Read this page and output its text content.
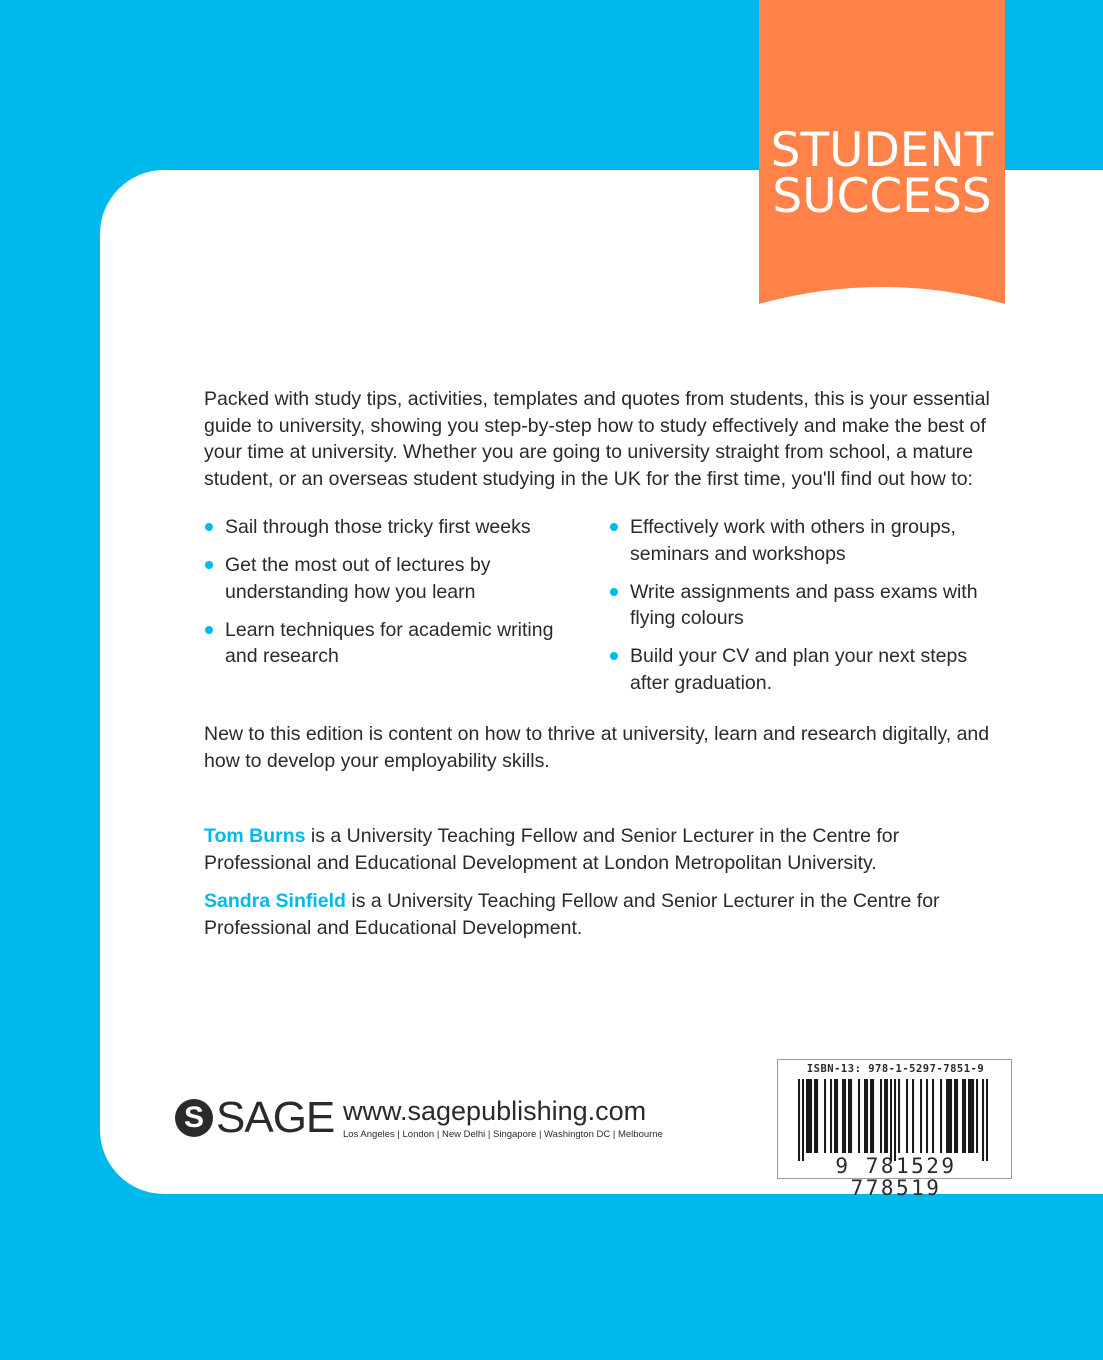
STUDENT
SUCCESS

Packed with study tips, activities, templates and quotes from students, this is your essential guide to university, showing you step-by-step how to study effectively and make the best of your time at university. Whether you are going to university straight from school, a mature student, or an overseas student studying in the UK for the first time, you'll find out how to:

Sail through those tricky first weeks
Get the most out of lectures by understanding how you learn
Learn techniques for academic writing and research
Effectively work with others in groups, seminars and workshops
Write assignments and pass exams with flying colours
Build your CV and plan your next steps after graduation.

New to this edition is content on how to thrive at university, learn and research digitally, and how to develop your employability skills.

Tom Burns is a University Teaching Fellow and Senior Lecturer in the Centre for Professional and Educational Development at London Metropolitan University.

Sandra Sinfield is a University Teaching Fellow and Senior Lecturer in the Centre for Professional and Educational Development.

S SAGE www.sagepublishing.com
Los Angeles | London | New Delhi | Singapore | Washington DC | Melbourne
ISBN-13: 978-1-5297-7851-9
9 781529 778519
